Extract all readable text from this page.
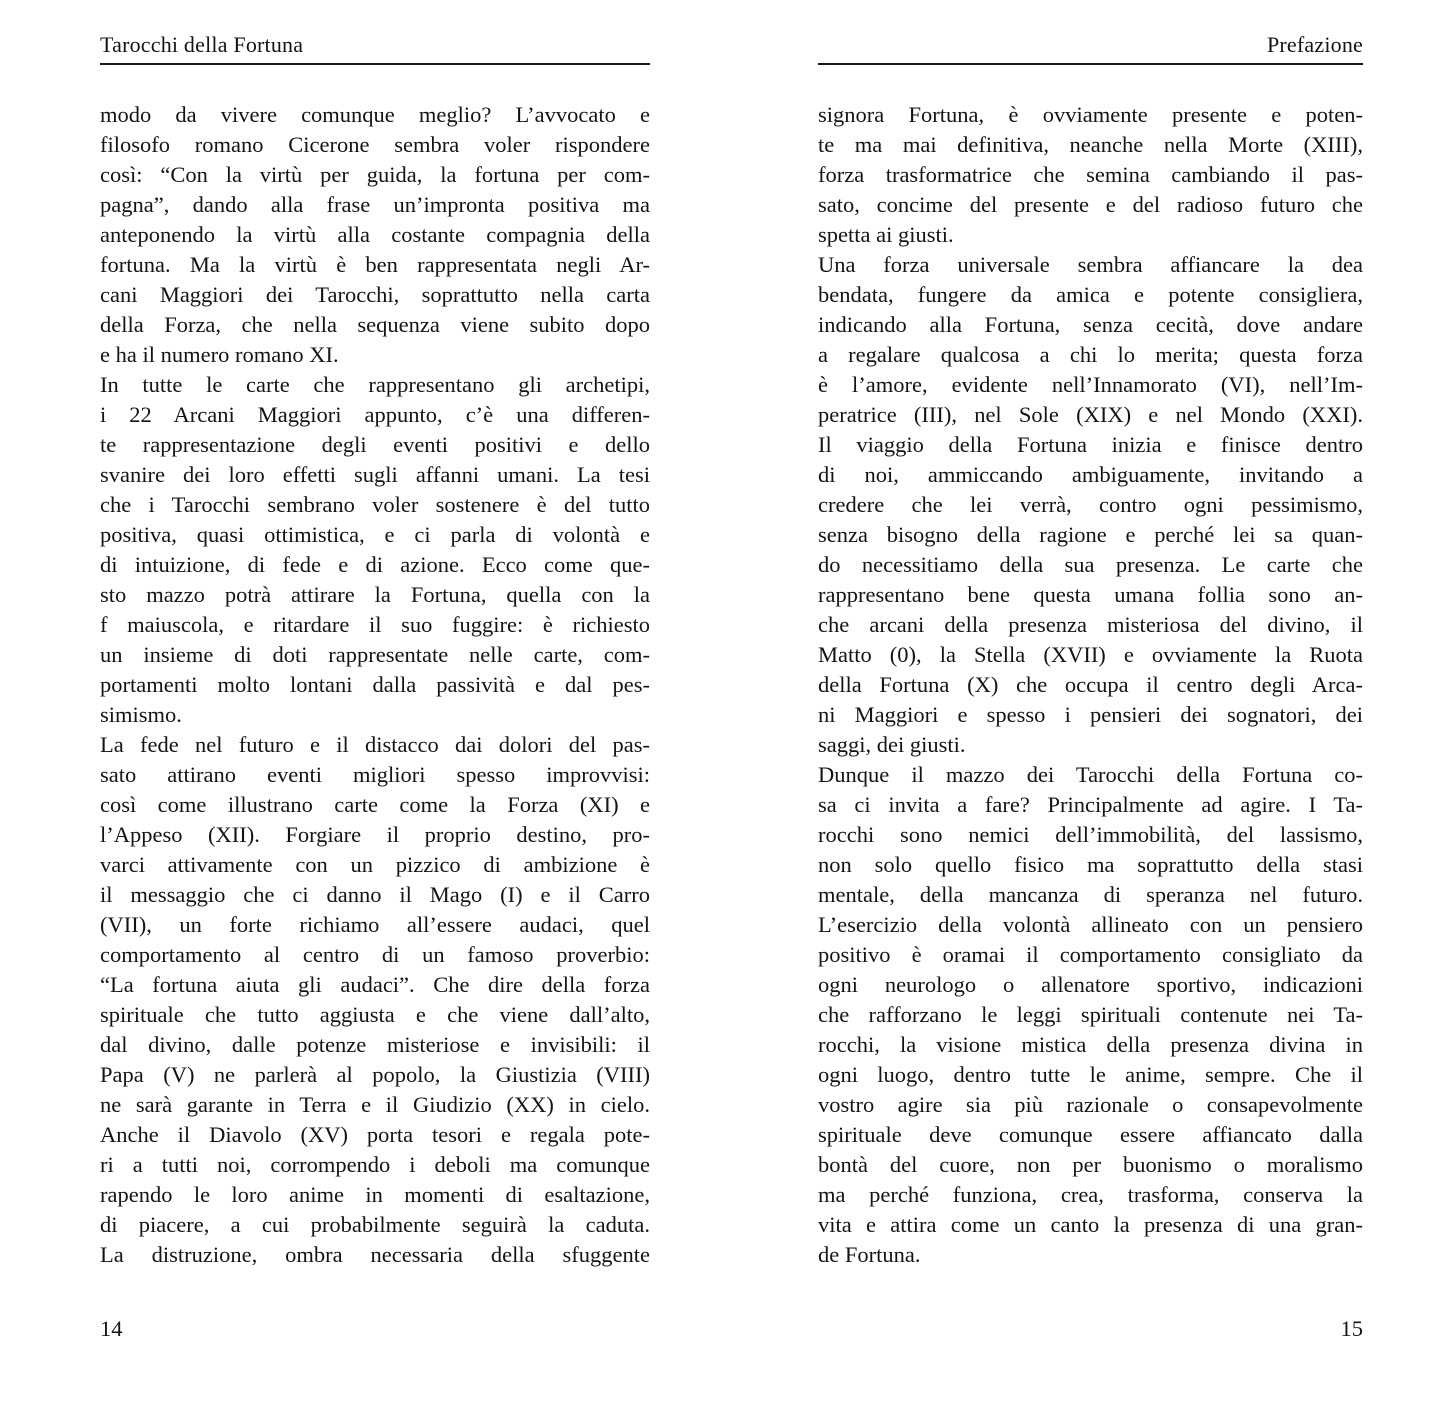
Tarocchi della Fortuna
modo da vivere comunque meglio? L’avvocato e
filosofo romano Cicerone sembra voler rispondere
così: “Con la virtù per guida, la fortuna per com-
pagna”, dando alla frase un’impronta positiva ma
anteponendo la virtù alla costante compagnia della
fortuna. Ma la virtù è ben rappresentata negli Ar-
cani Maggiori dei Tarocchi, soprattutto nella carta
della Forza, che nella sequenza viene subito dopo
e ha il numero romano XI.
In tutte le carte che rappresentano gli archetipi,
i 22 Arcani Maggiori appunto, c’è una differen-
te rappresentazione degli eventi positivi e dello
svanire dei loro effetti sugli affanni umani. La tesi
che i Tarocchi sembrano voler sostenere è del tutto
positiva, quasi ottimistica, e ci parla di volontà e
di intuizione, di fede e di azione. Ecco come que-
sto mazzo potrà attirare la Fortuna, quella con la
f maiuscola, e ritardare il suo fuggire: è richiesto
un insieme di doti rappresentate nelle carte, com-
portamenti molto lontani dalla passività e dal pes-
simismo.
La fede nel futuro e il distacco dai dolori del pas-
sato attirano eventi migliori spesso improvvisi:
così come illustrano carte come la Forza (XI) e
l’Appeso (XII). Forgiare il proprio destino, pro-
varci attivamente con un pizzico di ambizione è
il messaggio che ci danno il Mago (I) e il Carro
(VII), un forte richiamo all’essere audaci, quel
comportamento al centro di un famoso proverbio:
“La fortuna aiuta gli audaci”. Che dire della forza
spirituale che tutto aggiusta e che viene dall’alto,
dal divino, dalle potenze misteriose e invisibili: il
Papa (V) ne parlerà al popolo, la Giustizia (VIII)
ne sarà garante in Terra e il Giudizio (XX) in cielo.
Anche il Diavolo (XV) porta tesori e regala pote-
ri a tutti noi, corrompendo i deboli ma comunque
rapendo le loro anime in momenti di esaltazione,
di piacere, a cui probabilmente seguirà la caduta.
La distruzione, ombra necessaria della sfuggente
14
Prefazione
signora Fortuna, è ovviamente presente e poten-
te ma mai definitiva, neanche nella Morte (XIII),
forza trasformatrice che semina cambiando il pas-
sato, concime del presente e del radioso futuro che
spetta ai giusti.
Una forza universale sembra affiancare la dea
bendata, fungere da amica e potente consigliera,
indicando alla Fortuna, senza cecità, dove andare
a regalare qualcosa a chi lo merita; questa forza
è l’amore, evidente nell’Innamorato (VI), nell’Im-
peratrice (III), nel Sole (XIX) e nel Mondo (XXI).
Il viaggio della Fortuna inizia e finisce dentro
di noi, ammiccando ambiguamente, invitando a
credere che lei verrà, contro ogni pessimismo,
senza bisogno della ragione e perché lei sa quan-
do necessitiamo della sua presenza. Le carte che
rappresentano bene questa umana follia sono an-
che arcani della presenza misteriosa del divino, il
Matto (0), la Stella (XVII) e ovviamente la Ruota
della Fortuna (X) che occupa il centro degli Arca-
ni Maggiori e spesso i pensieri dei sognatori, dei
saggi, dei giusti.
Dunque il mazzo dei Tarocchi della Fortuna co-
sa ci invita a fare? Principalmente ad agire. I Ta-
rocchi sono nemici dell’immobilità, del lassismo,
non solo quello fisico ma soprattutto della stasi
mentale, della mancanza di speranza nel futuro.
L’esercizio della volontà allineato con un pensiero
positivo è oramai il comportamento consigliato da
ogni neurologo o allenatore sportivo, indicazioni
che rafforzano le leggi spirituali contenute nei Ta-
rocchi, la visione mistica della presenza divina in
ogni luogo, dentro tutte le anime, sempre. Che il
vostro agire sia più razionale o consapevolmente
spirituale deve comunque essere affiancato dalla
bontà del cuore, non per buonismo o moralismo
ma perché funziona, crea, trasforma, conserva la
vita e attira come un canto la presenza di una gran-
de Fortuna.
15
